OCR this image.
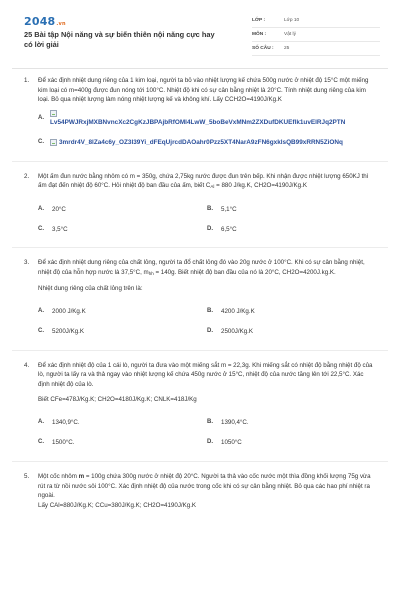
2048.vn
25 Bài tập Nội năng và sự biến thiên nội năng cực hay có lời giải
LỚP :	Lớp 10
MÔN :	Vật lý
SỐ CÂU :	25
1. Để xác định nhiệt dung riêng của 1 kim loại, người ta bỏ vào nhiệt lượng kế chứa 500g nước ở nhiệt độ 15°C một miếng kim loại có m=400g được đun nóng tới 100°C. Nhiệt độ khi có sự cân bằng nhiệt là 20°C. Tính nhiệt dung riêng của kim loại. Bỏ qua nhiệt lượng làm nóng nhiệt lượng kế và không khí. Lấy CCH2O=4190J/Kg.K
A.
Lv54PWJRxjMXBNvncXc2CgKzJBPAjbRfOMl4LwW_5boBeVxMNm2ZXDufDKUEflk1uvElRJq2PTN
C.	3mrdr4V_8lZa4c6y_OZ3I39Yi_dFEqUjrcdDAOahr0Pzz5XT4NarA9zFN6gxklsQB99xRRN5ZiONq
2. Một ấm đun nước bằng nhôm có m = 350g, chứa 2,75kg nước được đun trên bếp. Khi nhận được nhiệt lượng 650KJ thì ấm đạt đến nhiệt độ 60°C. Hỏi nhiệt độ ban đầu của ấm, biết $C_{Al} = 880$ J/kg.K, CH2O=4190J/Kg.K
A.	20°C	B.	5,1°C
C.	3,5°C	D.	6,5°C
3. Để xác định nhiệt dung riêng của chất lỏng, người ta đổ chất lỏng đó vào 20g nước ở 100°C. Khi có sự cân bằng nhiệt, nhiệt độ của hỗn hợp nước là 37,5°C, $m_{hh} = 140g$. Biết nhiệt độ ban đầu của nó là 20°C, CH2O=4200J.kg.K.
Nhiệt dung riêng của chất lỏng trên là:
A.	2000 J/Kg.K	B.	4200 J/Kg.K
C.	5200J/Kg.K	D.	2500J/Kg.K
4. Để xác định nhiệt độ của 1 cái lò, người ta đưa vào một miếng sắt m = 22,3g. Khi miếng sắt có nhiệt độ bằng nhiệt độ của lò, người ta lấy ra và thả ngay vào nhiệt lượng kế chứa 450g nước ở 15°C, nhiệt độ của nước tăng lên tới 22,5°C. Xác định nhiệt độ của lò.
Biết CFe=478J/Kg.K; CH2O=4180J/Kg.K; CNLK=418J/Kg
A.	1340,9°C.	B.	1390,4°C.
C.	1500°C.	D.	1050°C
5. Một cốc nhôm m = 100g chứa 300g nước ở nhiệt độ 20°C. Người ta thả vào cốc nước một thìa đồng khối lượng 75g vừa rút ra từ nồi nước sôi 100°C. Xác định nhiệt độ của nước trong cốc khi có sự cân bằng nhiệt. Bỏ qua các hao phí nhiệt ra ngoài.
Lấy CAl=880J/Kg.K; CCu=380J/Kg.K; CH2O=4190J/Kg.K
